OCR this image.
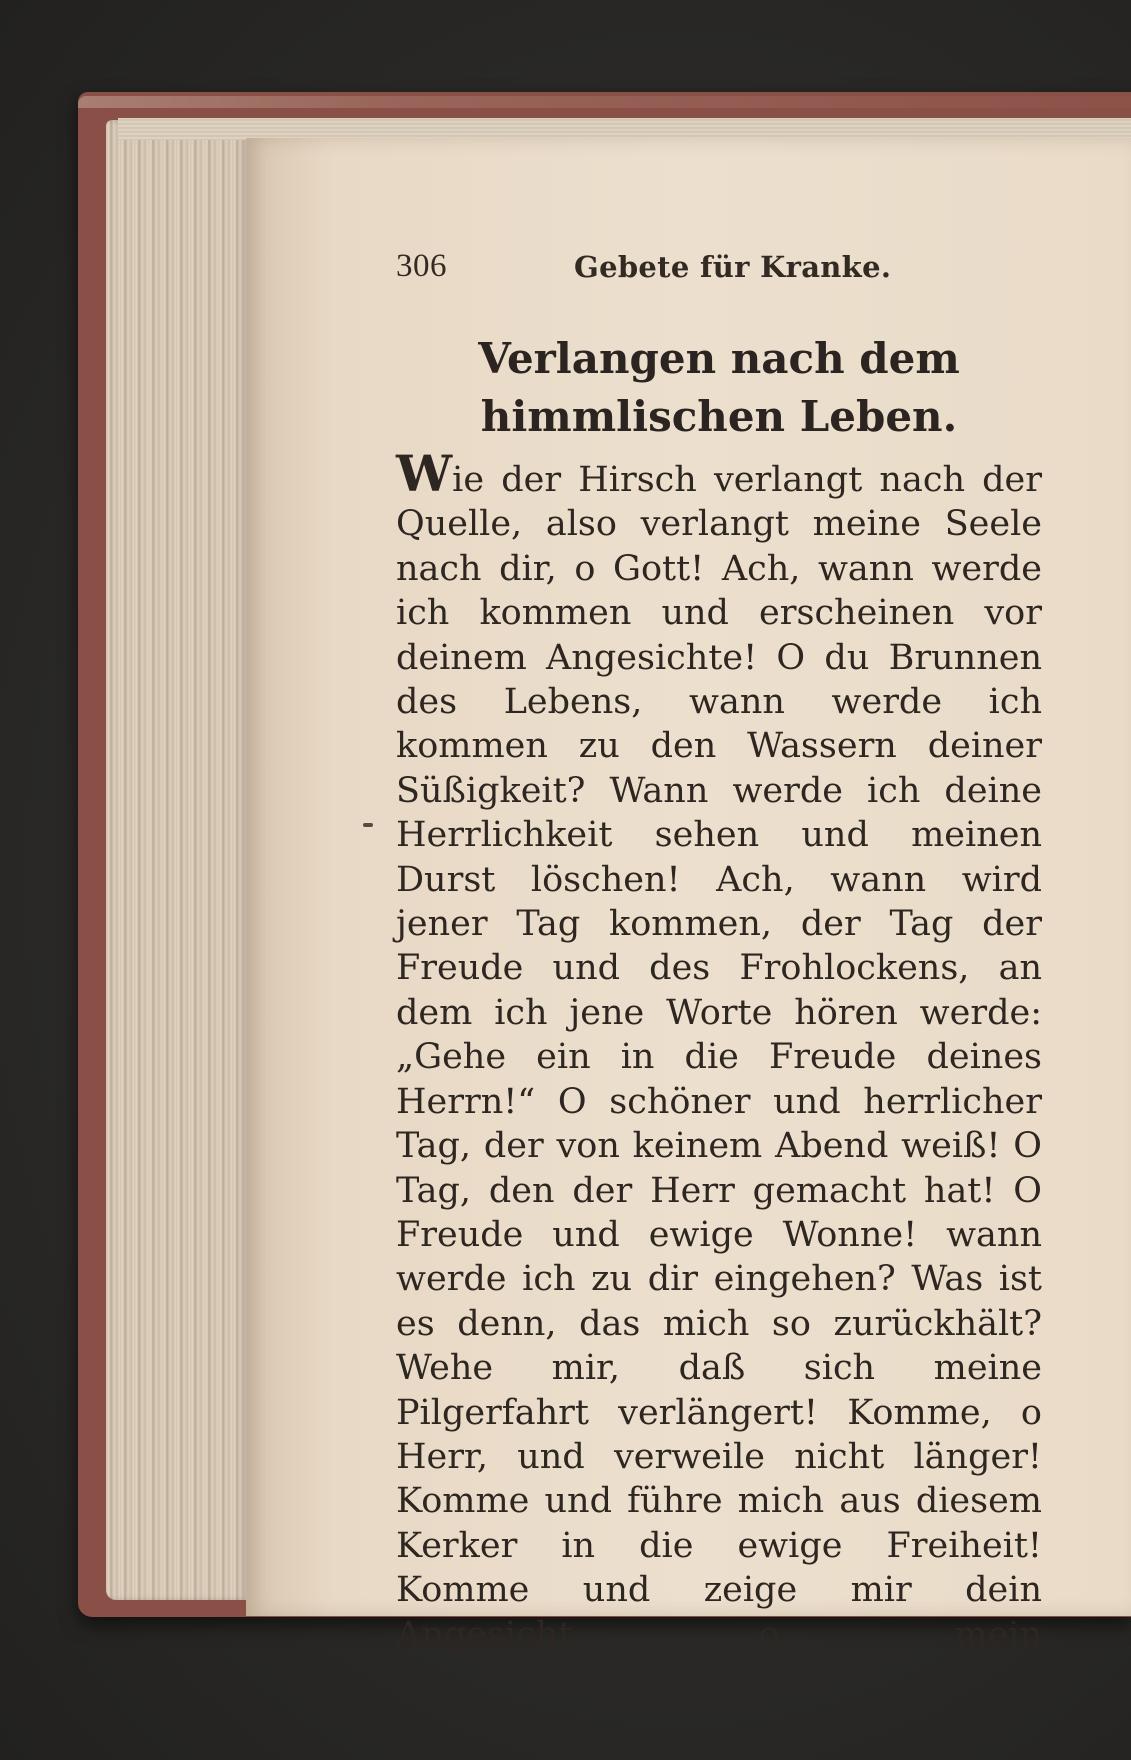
306	Gebete für Kranke.
Verlangen nach dem himmlischen Leben.

Wie der Hirsch verlangt nach der Quelle, also verlangt meine Seele nach dir, o Gott! Ach, wann werde ich kommen und erscheinen vor deinem Angesichte! O du Brunnen des Lebens, wann werde ich kommen zu den Wassern deiner Süßigkeit? Wann werde ich deine Herrlichkeit sehen und meinen Durst löschen! Ach, wann wird jener Tag kommen, der Tag der Freude und des Frohlockens, an dem ich jene Worte hören werde: „Gehe ein in die Freude deines Herrn!“ O schöner und herrlicher Tag, der von keinem Abend weiß! O Tag, den der Herr gemacht hat! O Freude und ewige Wonne! wann werde ich zu dir eingehen? Was ist es denn, das mich so zurückhält? Wehe mir, daß sich meine Pilgerfahrt verlängert! Komme, o Herr, und verweile nicht länger! Komme und führe mich aus diesem Kerker in die ewige Freiheit! Komme und zeige mir dein Angesicht, o mein
